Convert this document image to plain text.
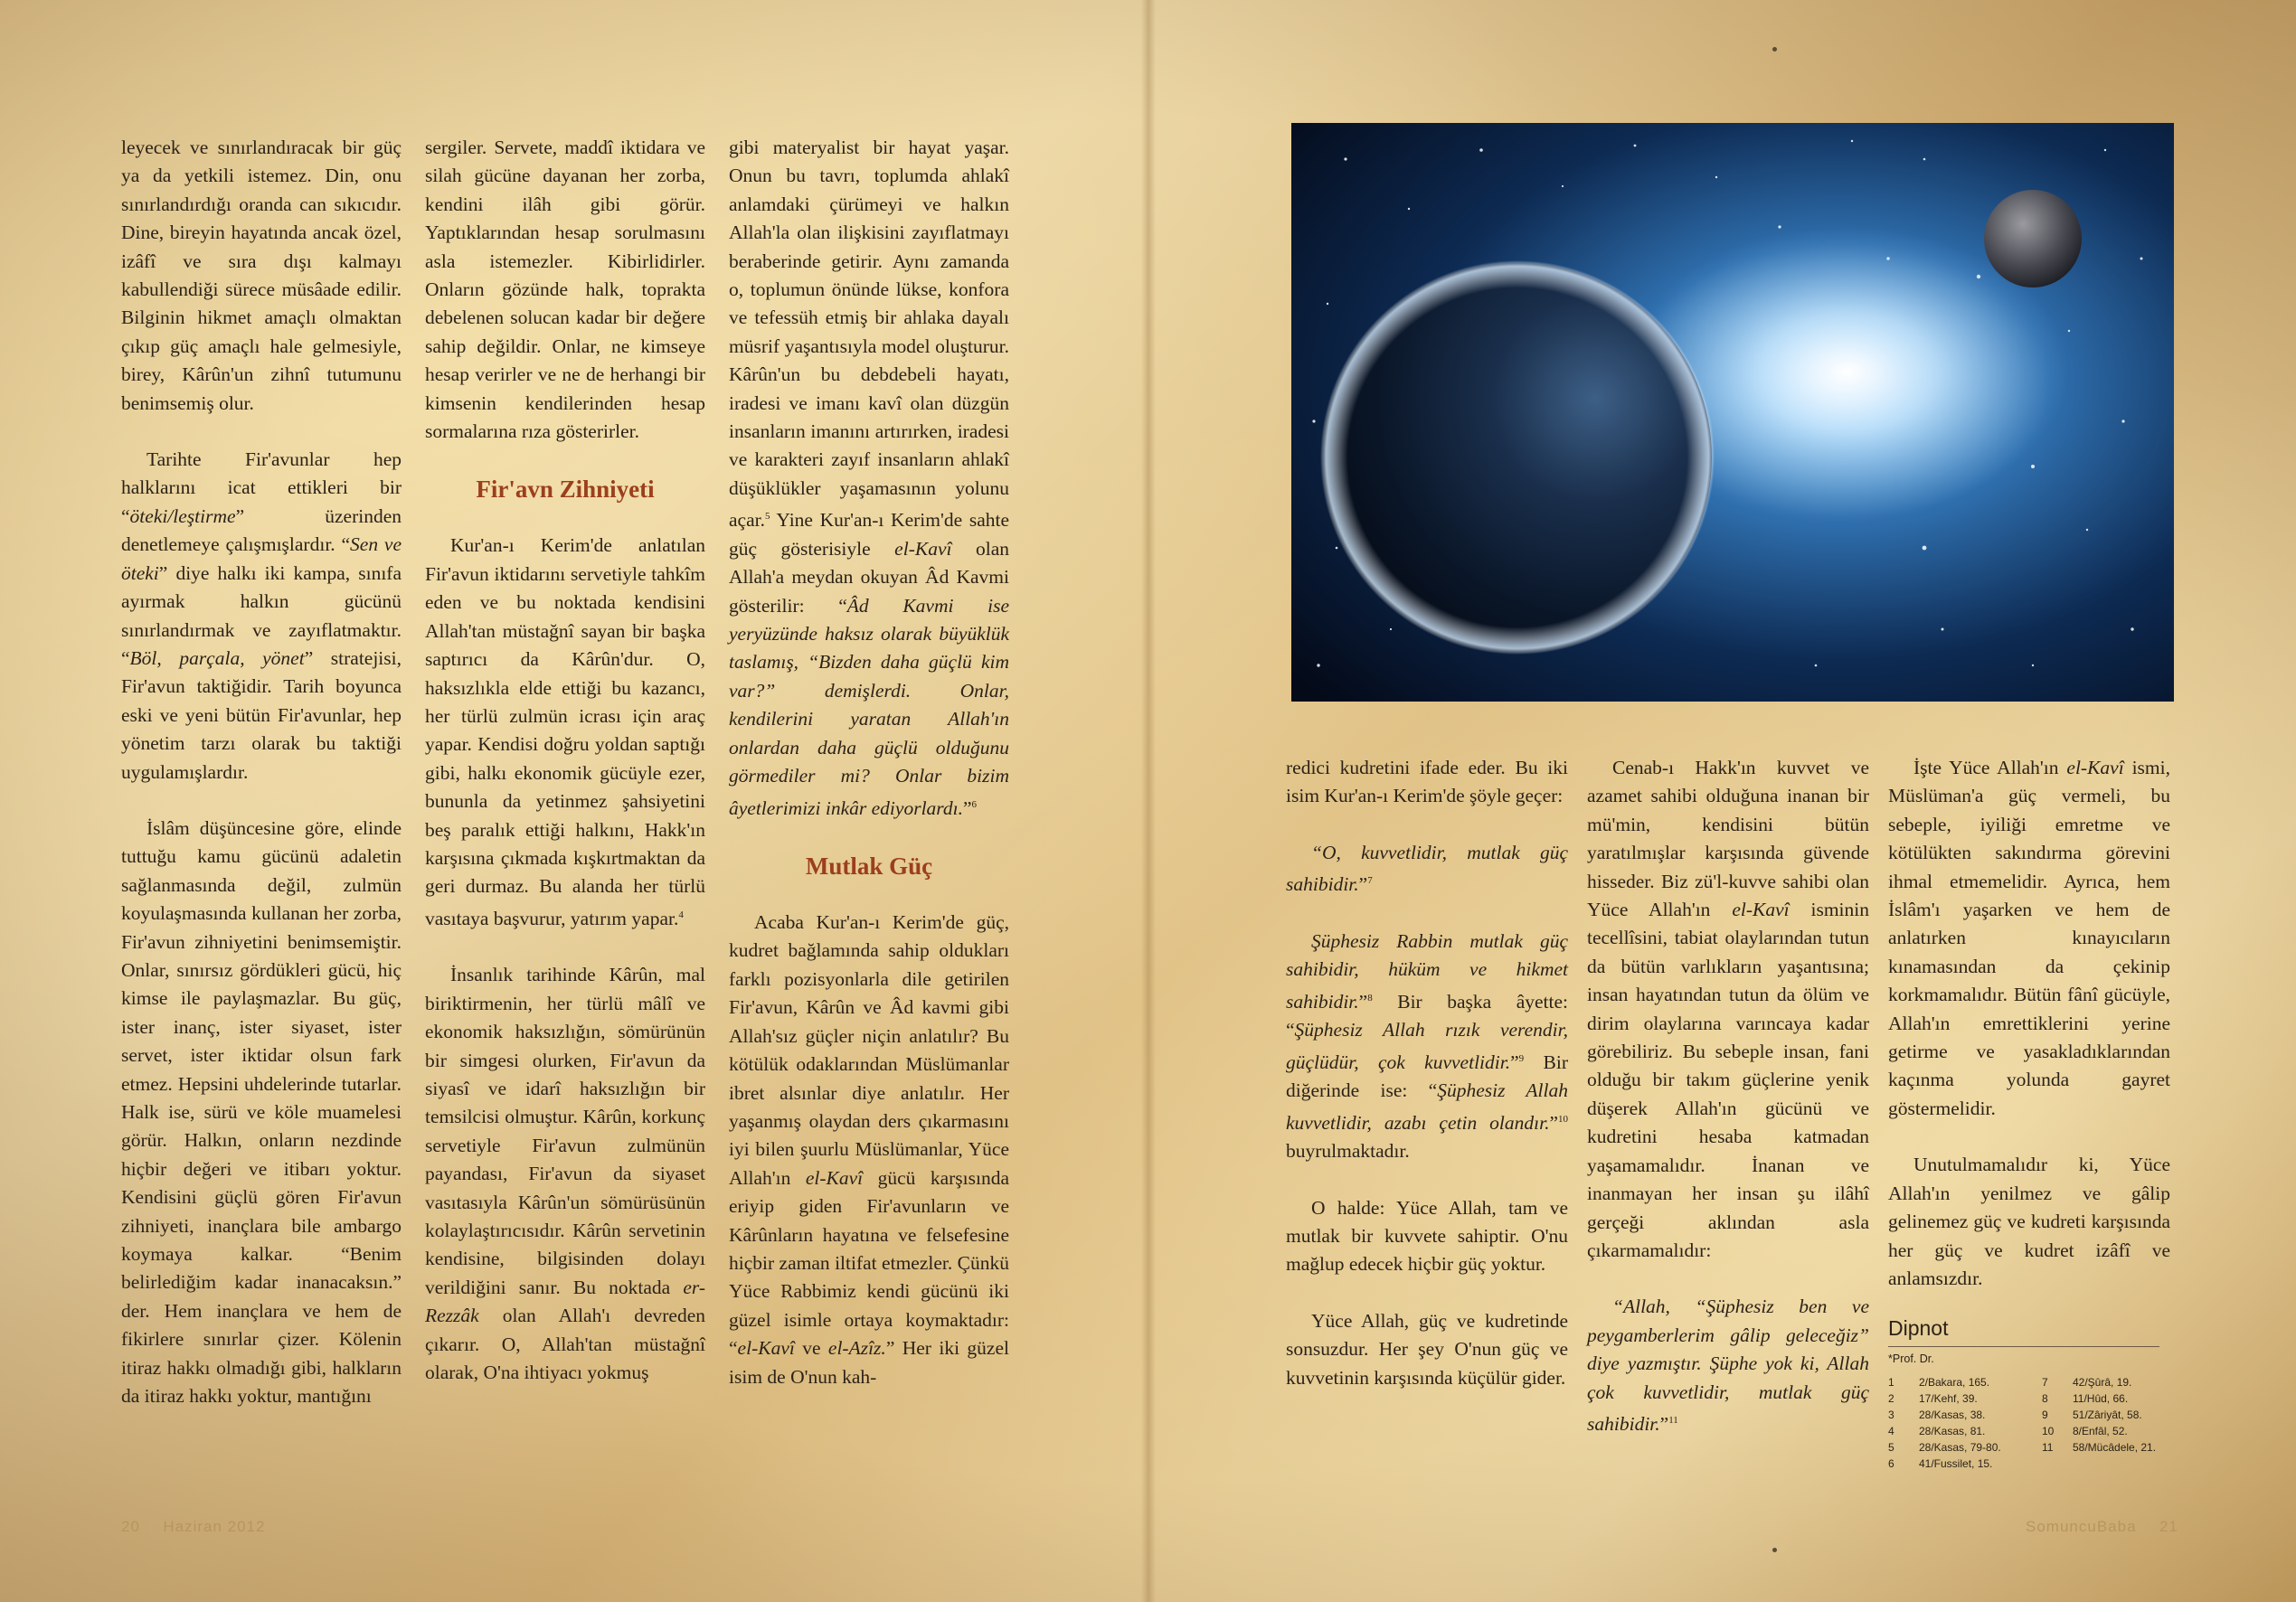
leyecek ve sınırlandıracak bir güç ya da yetkili istemez. Din, onu sınırlandırdığı oranda can sıkıcıdır. Dine, bireyin hayatında ancak özel, izâfî ve sıra dışı kalmayı kabullendiği sürece müsâade edilir. Bilginin hikmet amaçlı olmaktan çıkıp güç amaçlı hale gelmesiyle, birey, Kârûn'un zihnî tutumunu benimsemiş olur.

Tarihte Fir'avunlar hep halklarını icat ettikleri bir “öteki/leştirme” üzerinden denetlemeye çalışmışlardır. “Sen ve öteki” diye halkı iki kampa, sınıfa ayırmak halkın gücünü sınırlandırmak ve zayıflatmaktır. “Böl, parçala, yönet” stratejisi, Fir'avun taktiğidir. Tarih boyunca eski ve yeni bütün Fir'avunlar, hep yönetim tarzı olarak bu taktiği uygulamışlardır.

İslâm düşüncesine göre, elinde tuttuğu kamu gücünü adaletin sağlanmasında değil, zulmün koyulaşmasında kullanan her zorba, Fir'avun zihniyetini benimsemiştir. Onlar, sınırsız gördükleri gücü, hiç kimse ile paylaşmazlar. Bu güç, ister inanç, ister siyaset, ister servet, ister iktidar olsun fark etmez. Hepsini uhdelerinde tutarlar. Halk ise, sürü ve köle muamelesi görür. Halkın, onların nezdinde hiçbir değeri ve itibarı yoktur. Kendisini güçlü gören Fir'avun zihniyeti, inançlara bile ambargo koymaya kalkar. “Benim belirlediğim kadar inanacaksın.” der. Hem inançlara ve hem de fikirlere sınırlar çizer. Kölenin itiraz hakkı olmadığı gibi, halkların da itiraz hakkı yoktur, mantığını

sergiler. Servete, maddî iktidara ve silah gücüne dayanan her zorba, kendini ilâh gibi görür. Yaptıklarından hesap sorulmasını asla istemezler. Kibirlidirler. Onların gözünde halk, toprakta debelenen solucan kadar bir değere sahip değildir. Onlar, ne kimseye hesap verirler ve ne de herhangi bir kimsenin kendilerinden hesap sormalarına rıza gösterirler.

Fir'avn Zihniyeti

Kur'an-ı Kerim'de anlatılan Fir'avun iktidarını servetiyle tahkîm eden ve bu noktada kendisini Allah'tan müstağnî sayan bir başka saptırıcı da Kârûn'dur. O, haksızlıkla elde ettiği bu kazancı, her türlü zulmün icrası için araç yapar. Kendisi doğru yoldan saptığı gibi, halkı ekonomik gücüyle ezer, bununla da yetinmez şahsiyetini beş paralık ettiği halkını, Hakk'ın karşısına çıkmada kışkırtmaktan da geri durmaz. Bu alanda her türlü vasıtaya başvurur, yatırım yapar.$^4$

İnsanlık tarihinde Kârûn, mal biriktirmenin, her türlü mâlî ve ekonomik haksızlığın, sömürünün bir simgesi olurken, Fir'avun da siyasî ve idarî haksızlığın bir temsilcisi olmuştur. Kârûn, korkunç servetiyle Fir'avun zulmünün payandası, Fir'avun da siyaset vasıtasıyla Kârûn'un sömürüsünün kolaylaştırıcısıdır. Kârûn servetinin kendisine, bilgisinden dolayı verildiğini sanır. Bu noktada er-Rezzâk olan Allah'ı devreden çıkarır. O, Allah'tan müstağnî olarak, O'na ihtiyacı yokmuş

gibi materyalist bir hayat yaşar. Onun bu tavrı, toplumda ahlakî anlamdaki çürümeyi ve halkın Allah'la olan ilişkisini zayıflatmayı beraberinde getirir. Aynı zamanda o, toplumun önünde lükse, konfora ve tefessüh etmiş bir ahlaka dayalı müsrif yaşantısıyla model oluşturur. Kârûn'un bu debdebeli hayatı, iradesi ve imanı kavî olan düzgün insanların imanını artırırken, iradesi ve karakteri zayıf insanların ahlakî düşüklükler yaşamasının yolunu açar.$^5$ Yine Kur'an-ı Kerim'de sahte güç gösterisiyle el-Kavî olan Allah'a meydan okuyan Âd Kavmi gösterilir: “Âd Kavmi ise yeryüzünde haksız olarak büyüklük taslamış, “Bizden daha güçlü kim var?” demişlerdi. Onlar, kendilerini yaratan Allah'ın onlardan daha güçlü olduğunu görmediler mi? Onlar bizim âyetlerimizi inkâr ediyorlardı.”$^6$

Mutlak Güç

Acaba Kur'an-ı Kerim'de güç, kudret bağlamında sahip oldukları farklı pozisyonlarla dile getirilen Fir'avun, Kârûn ve Âd kavmi gibi Allah'sız güçler niçin anlatılır? Bu kötülük odaklarından Müslümanlar ibret alsınlar diye anlatılır. Her yaşanmış olaydan ders çıkarmasını iyi bilen şuurlu Müslümanlar, Yüce Allah'ın el-Kavî gücü karşısında eriyip giden Fir'avunların ve Kârûnların hayatına ve felsefesine hiçbir zaman iltifat etmezler. Çünkü Yüce Rabbimiz kendi gücünü iki güzel isimle ortaya koymaktadır: “el-Kavî ve el-Azîz.” Her iki güzel isim de O'nun kah-

redici kudretini ifade eder. Bu iki isim Kur'an-ı Kerim'de şöyle geçer:

“O, kuvvetlidir, mutlak güç sahibidir.”$^7$

Şüphesiz Rabbin mutlak güç sahibidir, hüküm ve hikmet sahibidir.”$^8$ Bir başka âyette: “Şüphesiz Allah rızık verendir, güçlüdür, çok kuvvetlidir.”$^9$ Bir diğerinde ise: “Şüphesiz Allah kuvvetlidir, azabı çetin olandır.”$^{10}$ buyrulmaktadır.

O halde: Yüce Allah, tam ve mutlak bir kuvvete sahiptir. O'nu mağlup edecek hiçbir güç yoktur.

Yüce Allah, güç ve kudretinde sonsuzdur. Her şey O'nun güç ve kuvvetinin karşısında küçülür gider.

Cenab-ı Hakk'ın kuvvet ve azamet sahibi olduğuna inanan bir mü'min, kendisini bütün yaratılmışlar karşısında güvende hisseder. Biz zü'l-kuvve sahibi olan Yüce Allah'ın el-Kavî isminin tecellîsini, tabiat olaylarından tutun da bütün varlıkların yaşantısına; insan hayatından tutun da ölüm ve dirim olaylarına varıncaya kadar görebiliriz. Bu sebeple insan, fani olduğu bir takım güçlerine yenik düşerek Allah'ın gücünü ve kudretini hesaba katmadan yaşamamalıdır. İnanan ve inanmayan her insan şu ilâhî gerçeği aklından asla çıkarmamalıdır:

“Allah, “Şüphesiz ben ve peygamberlerim gâlip geleceğiz” diye yazmıştır. Şüphe yok ki, Allah çok kuvvetlidir, mutlak güç sahibidir.”$^{11}$

İşte Yüce Allah'ın el-Kavî ismi, Müslüman'a güç vermeli, bu sebeple, iyiliği emretme ve kötülükten sakındırma görevini ihmal etmemelidir. Ayrıca, hem İslâm'ı yaşarken ve hem de anlatırken kınayıcıların kınamasından da çekinip korkmamalıdır. Bütün fânî gücüyle, Allah'ın emrettiklerini yerine getirme ve yasakladıklarından kaçınma yolunda gayret göstermelidir.

Unutulmamalıdır ki, Yüce Allah'ın yenilmez ve gâlip gelinemez güç ve kudreti karşısında her güç ve kudret izâfî ve anlamsızdır.

Dipnot
*Prof. Dr.
1	2/Bakara, 165.	7	42/Şûrâ, 19.
2	17/Kehf, 39.	8	11/Hûd, 66.
3	28/Kasas, 38.	9	51/Zâriyât, 58.
4	28/Kasas, 81.	10	8/Enfâl, 52.
5	28/Kasas, 79-80.	11	58/Mücâdele, 21.
6	41/Fussilet, 15.
20 | Haziran 2012	SomuncuBaba | 21
